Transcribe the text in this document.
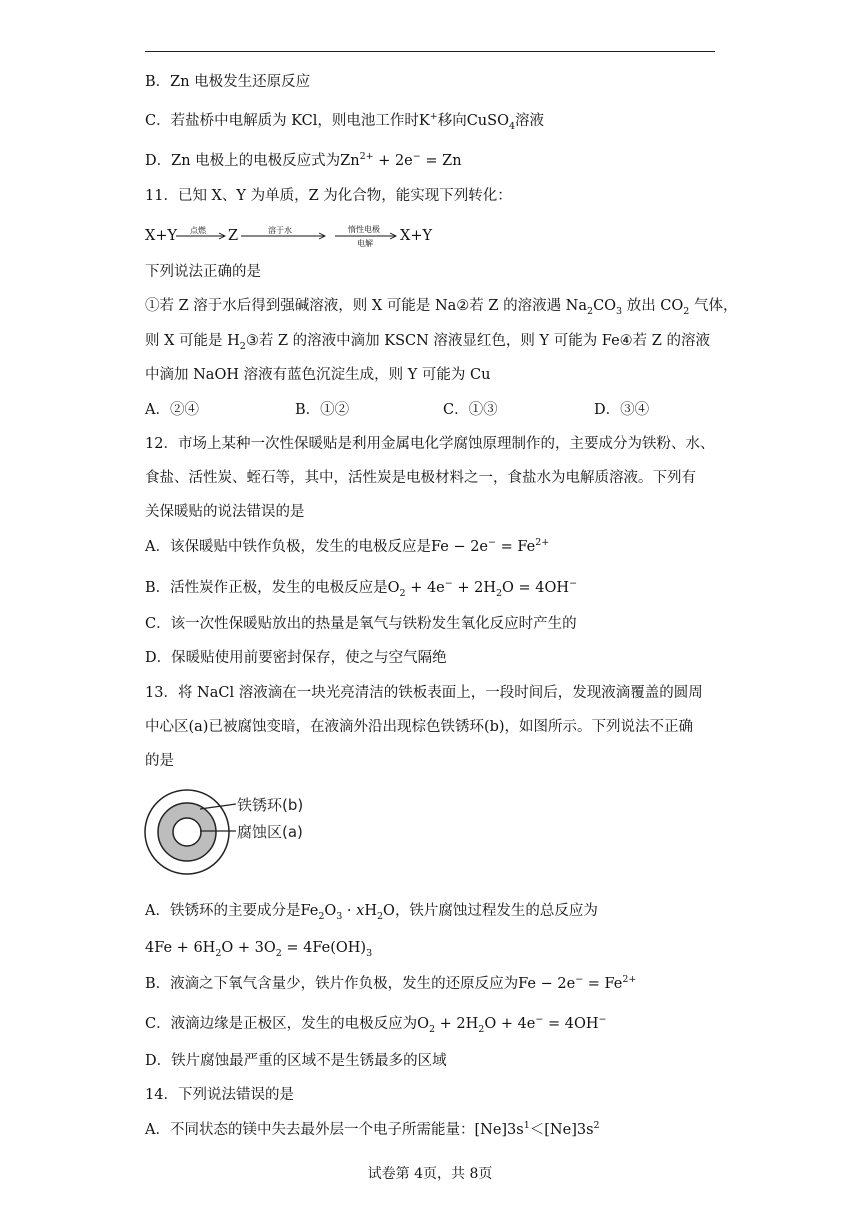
B．Zn 电极发生还原反应
C．若盐桥中电解质为 KCl，则电池工作时K+移向CuSO$_4$溶液
D．Zn 电极上的电极反应式为$Zn^{2+} + 2e^- = Zn$
11．已知 X、Y 为单质，Z 为化合物，能实现下列转化：
X+Y 点燃 Z	溶于水	惰性电极
电解 X+Y
下列说法正确的是
①若 Z 溶于水后得到强碱溶液，则 X 可能是 Na②若 Z 的溶液遇 $Na_2CO_3$ 放出 $CO_2$ 气体，
则 X 可能是 $H_2③$若 Z 的溶液中滴加 KSCN 溶液显红色，则 Y 可能为 Fe④若 Z 的溶液
中滴加 NaOH 溶液有蓝色沉淀生成，则 Y 可能为 Cu
A．②④	B．①②	C．①③	D．③④
12．市场上某种一次性保暖贴是利用金属电化学腐蚀原理制作的，主要成分为铁粉、水、
食盐、活性炭、蛭石等，其中，活性炭是电极材料之一，食盐水为电解质溶液。下列有
关保暖贴的说法错误的是
A．该保暖贴中铁作负极，发生的电极反应是$Fe - 2e^- = Fe^{2+}$
B．活性炭作正极，发生的电极反应是$O_2 + 4e^- + 2H_2O = 4OH^-$
C．该一次性保暖贴放出的热量是氧气与铁粉发生氧化反应时产生的
D．保暖贴使用前要密封保存，使之与空气隔绝
13．将 NaCl 溶液滴在一块光亮清洁的铁板表面上，一段时间后，发现液滴覆盖的圆周
中心区(a)已被腐蚀变暗，在液滴外沿出现棕色铁锈环(b)，如图所示。下列说法不正确
的是
铁锈环(b)
腐蚀区(a)
A．铁锈环的主要成分是$Fe_2O_3 \cdot xH_2O$，铁片腐蚀过程发生的总反应为
$4Fe + 6H_2O + 3O_2 = 4Fe(OH)_3$
B．液滴之下氧气含量少，铁片作负极，发生的还原反应为$Fe - 2e^- = Fe^{2+}$
C．液滴边缘是正极区，发生的电极反应为$O_2 + 2H_2O + 4e^- = 4OH^-$
D．铁片腐蚀最严重的区域不是生锈最多的区域
14．下列说法错误的是
A．不同状态的镁中失去最外层一个电子所需能量：$[Ne]3s^1<[Ne]3s^2$
试卷第 4页，共 8页
